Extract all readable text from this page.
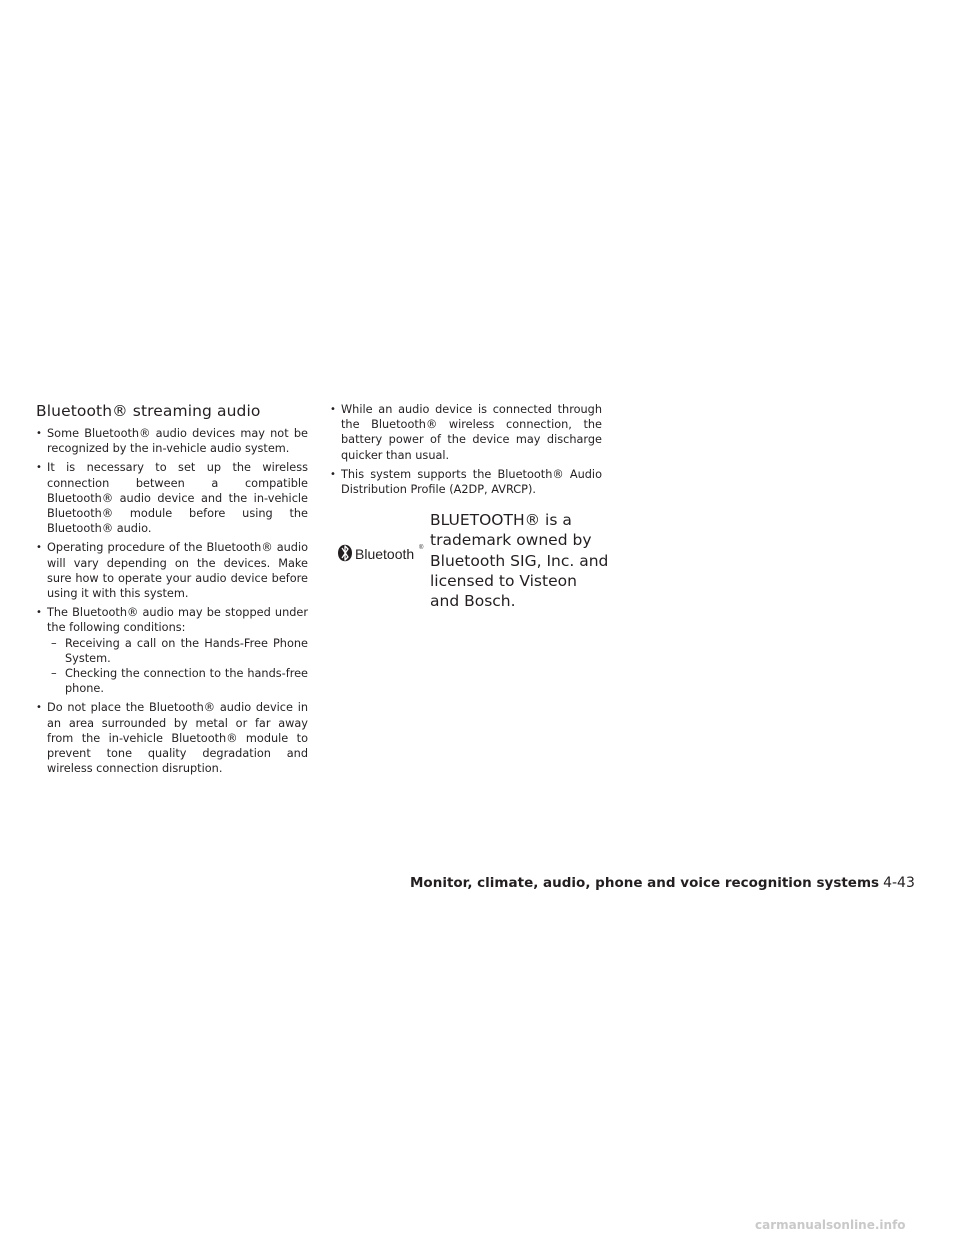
Bluetooth® streaming audio
• Some Bluetooth® audio devices may not be recognized by the in-vehicle audio system.
• It is necessary to set up the wireless connection between a compatible Bluetooth® audio device and the in-vehicle Bluetooth® module before using the Bluetooth® audio.
• Operating procedure of the Bluetooth® audio will vary depending on the devices. Make sure how to operate your audio device before using it with this system.
• The Bluetooth® audio may be stopped under the following conditions:
– Receiving a call on the Hands-Free Phone System.
– Checking the connection to the hands-free phone.
• Do not place the Bluetooth® audio device in an area surrounded by metal or far away from the in-vehicle Bluetooth® module to prevent tone quality degradation and wireless connection disruption.
• While an audio device is connected through the Bluetooth® wireless connection, the battery power of the device may discharge quicker than usual.
• This system supports the Bluetooth® Audio Distribution Profile (A2DP, AVRCP).
Bluetooth ®
BLUETOOTH® is a
trademark owned by
Bluetooth SIG, Inc. and
licensed to Visteon
and Bosch.
Monitor, climate, audio, phone and voice recognition systems 4-43
carmanualsonline.info
